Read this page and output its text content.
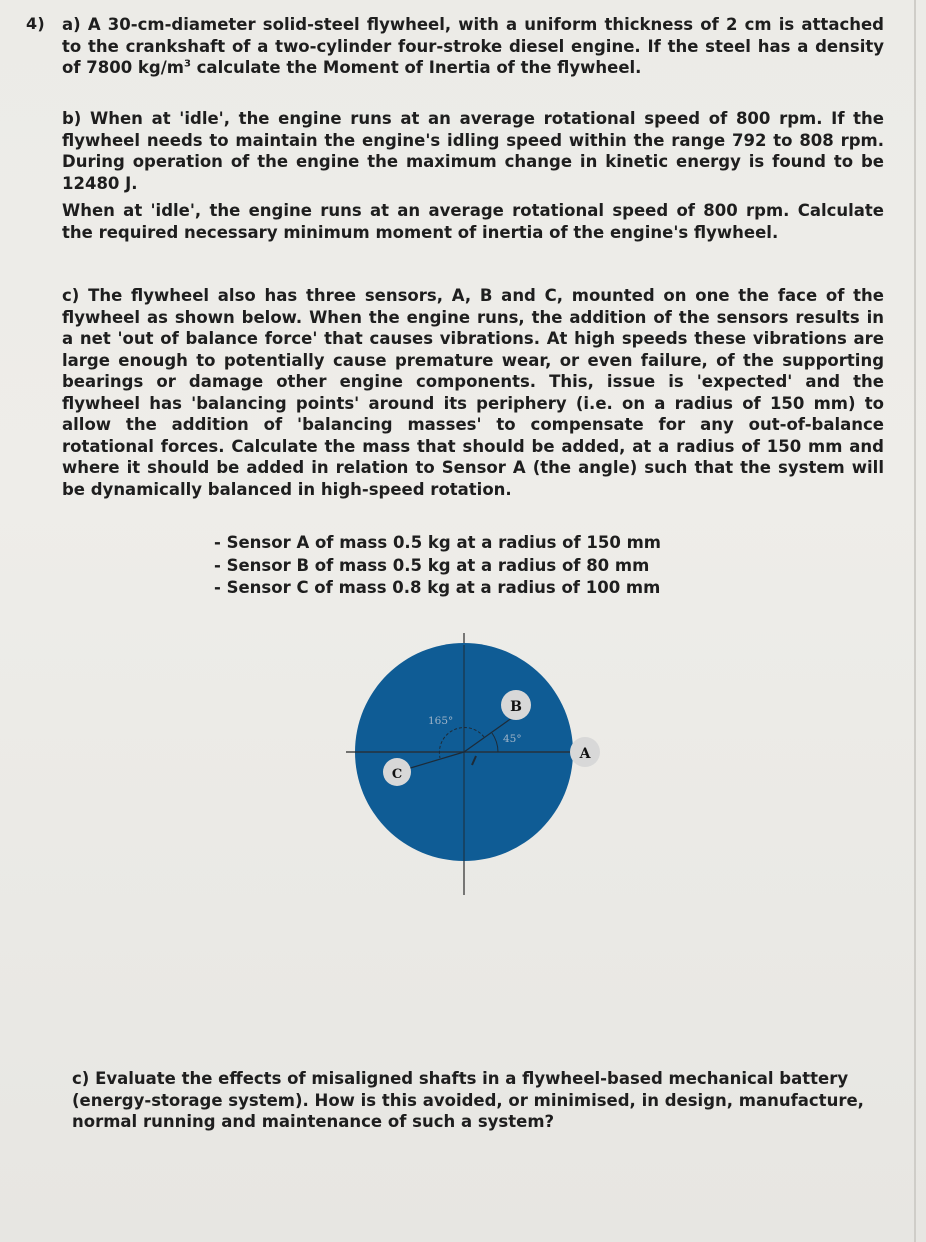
4) a) A 30-cm-diameter solid-steel flywheel, with a uniform thickness of 2 cm is attached to the crankshaft of a two-cylinder four-stroke diesel engine. If the steel has a density of 7800 $kg/m^3$ calculate the Moment of Inertia of the flywheel.

b) When at 'idle', the engine runs at an average rotational speed of 800 rpm. If the flywheel needs to maintain the engine's idling speed within the range 792 to 808 rpm. During operation of the engine the maximum change in kinetic energy is found to be 12480 J.

When at 'idle', the engine runs at an average rotational speed of 800 rpm. Calculate the required necessary minimum moment of inertia of the engine's flywheel.

c) The flywheel also has three sensors, A, B and C, mounted on one the face of the flywheel as shown below. When the engine runs, the addition of the sensors results in a net 'out of balance force' that causes vibrations. At high speeds these vibrations are large enough to potentially cause premature wear, or even failure, of the supporting bearings or damage other engine components. This, issue is 'expected' and the flywheel has 'balancing points' around its periphery (i.e. on a radius of 150 mm) to allow the addition of 'balancing masses' to compensate for any out-of-balance rotational forces. Calculate the mass that should be added, at a radius of 150 mm and where it should be added in relation to Sensor A (the angle) such that the system will be dynamically balanced in high-speed rotation.

- Sensor A of mass 0.5 kg at a radius of 150 mm
- Sensor B of mass 0.5 kg at a radius of 80 mm
- Sensor C of mass 0.8 kg at a radius of 100 mm
B
A
C
165°
45°

c) Evaluate the effects of misaligned shafts in a flywheel-based mechanical battery (energy-storage system). How is this avoided, or minimised, in design, manufacture, normal running and maintenance of such a system?
